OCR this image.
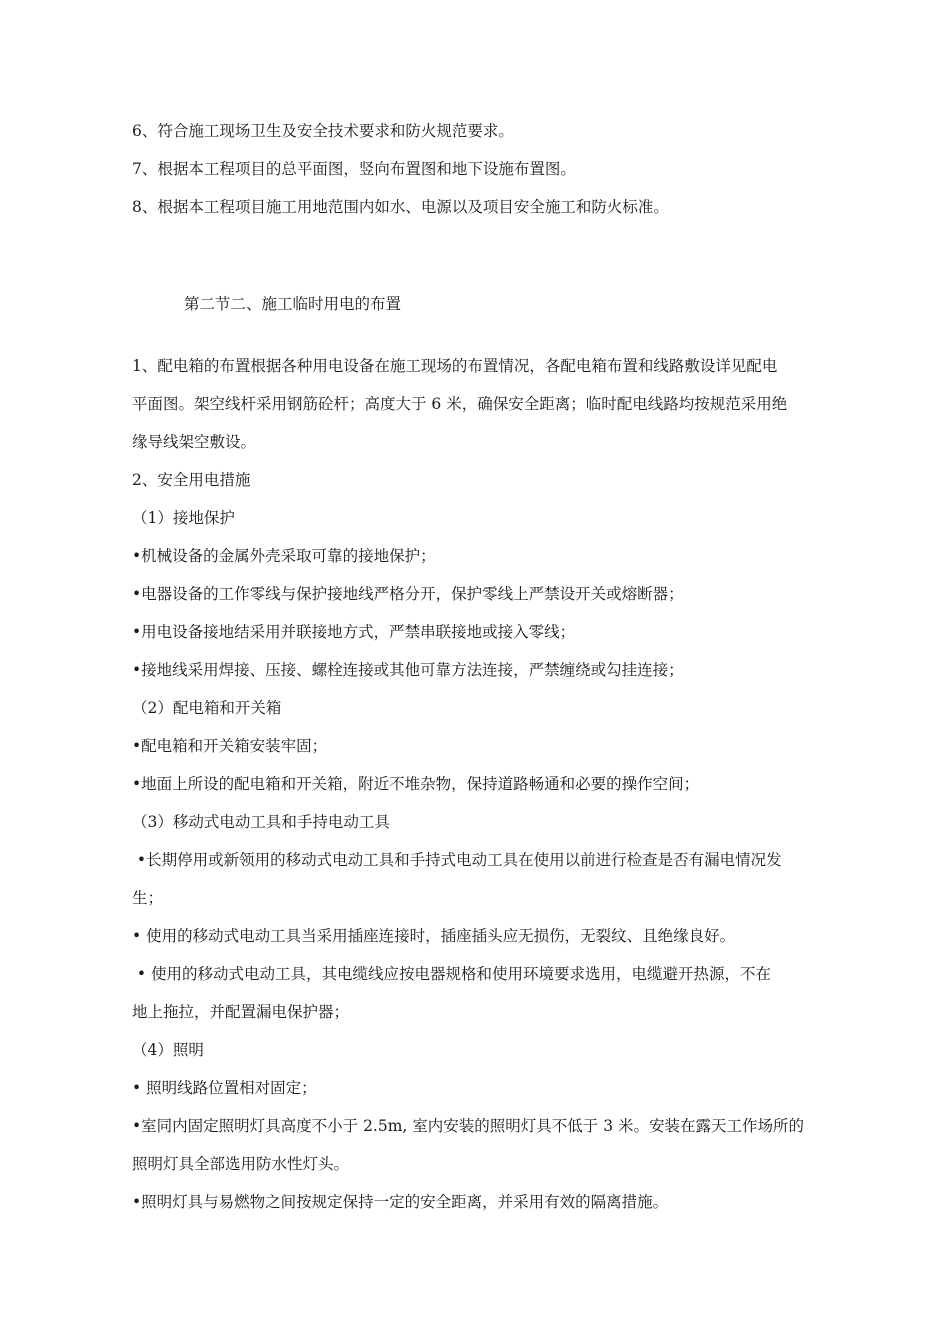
6、符合施工现场卫生及安全技术要求和防火规范要求。
7、根据本工程项目的总平面图，竖向布置图和地下设施布置图。
8、根据本工程项目施工用地范围内如水、电源以及项目安全施工和防火标准。
第二节二、施工临时用电的布置
1、配电箱的布置根据各种用电设备在施工现场的布置情况，各配电箱布置和线路敷设详见配电
平面图。架空线杆采用钢筋砼杆；高度大于 6 米，确保安全距离；临时配电线路均按规范采用绝
缘导线架空敷设。
2、安全用电措施
（1）接地保护
•机械设备的金属外壳采取可靠的接地保护；
•电器设备的工作零线与保护接地线严格分开，保护零线上严禁设开关或熔断器；
•用电设备接地结采用并联接地方式，严禁串联接地或接入零线；
•接地线采用焊接、压接、螺栓连接或其他可靠方法连接，严禁缠绕或勾挂连接；
（2）配电箱和开关箱
•配电箱和开关箱安装牢固；
•地面上所设的配电箱和开关箱，附近不堆杂物，保持道路畅通和必要的操作空间；
（3）移动式电动工具和手持电动工具
•长期停用或新领用的移动式电动工具和手持式电动工具在使用以前进行检查是否有漏电情况发
生；
• 使用的移动式电动工具当采用插座连接时，插座插头应无损伤，无裂纹、且绝缘良好。
• 使用的移动式电动工具，其电缆线应按电器规格和使用环境要求选用，电缆避开热源，不在
地上拖拉，并配置漏电保护器；
（4）照明
• 照明线路位置相对固定；
•室同内固定照明灯具高度不小于 2.5m, 室内安装的照明灯具不低于 3 米。安装在露天工作场所的
照明灯具全部选用防水性灯头。
•照明灯具与易燃物之间按规定保持一定的安全距离，并采用有效的隔离措施。
